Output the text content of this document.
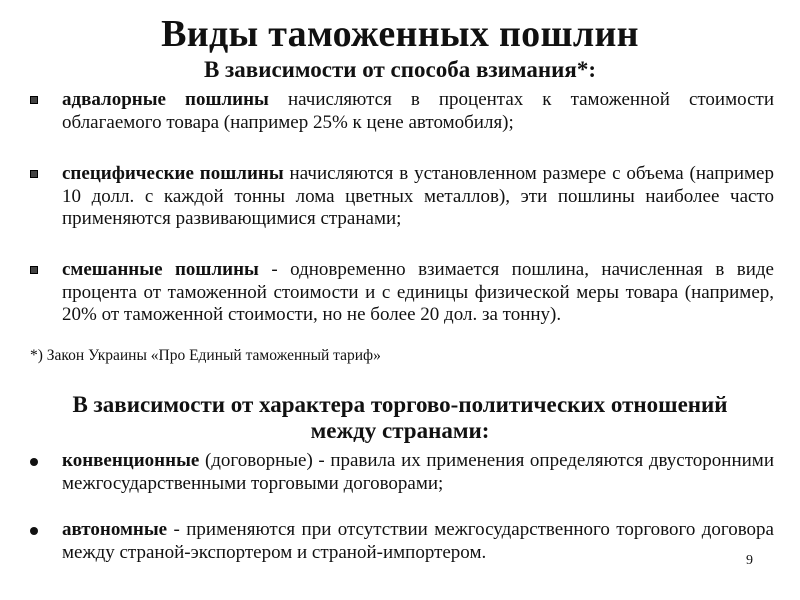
Виды таможенных пошлин
В зависимости от способа взимания*:
адвалорные пошлины начисляются в процентах к таможенной стоимости облагаемого товара (например 25% к цене автомобиля);
специфические пошлины начисляются в установленном размере с объема (например 10 долл. с каждой тонны лома цветных металлов), эти пошлины наиболее часто применяются развивающимися странами;
смешанные пошлины - одновременно взимается пошлина, начисленная в виде процента от таможенной стоимости и с единицы физической меры товара (например, 20% от таможенной стоимости, но не более 20 дол. за тонну).
*) Закон Украины «Про Единый таможенный тариф»
В зависимости от характера торгово-политических отношений между странами:
конвенционные (договорные) - правила их применения определяются двусторонними межгосударственными торговыми договорами;
автономные - применяются при отсутствии межгосударственного торгового договора между страной-экспортером и страной-импортером.	9
